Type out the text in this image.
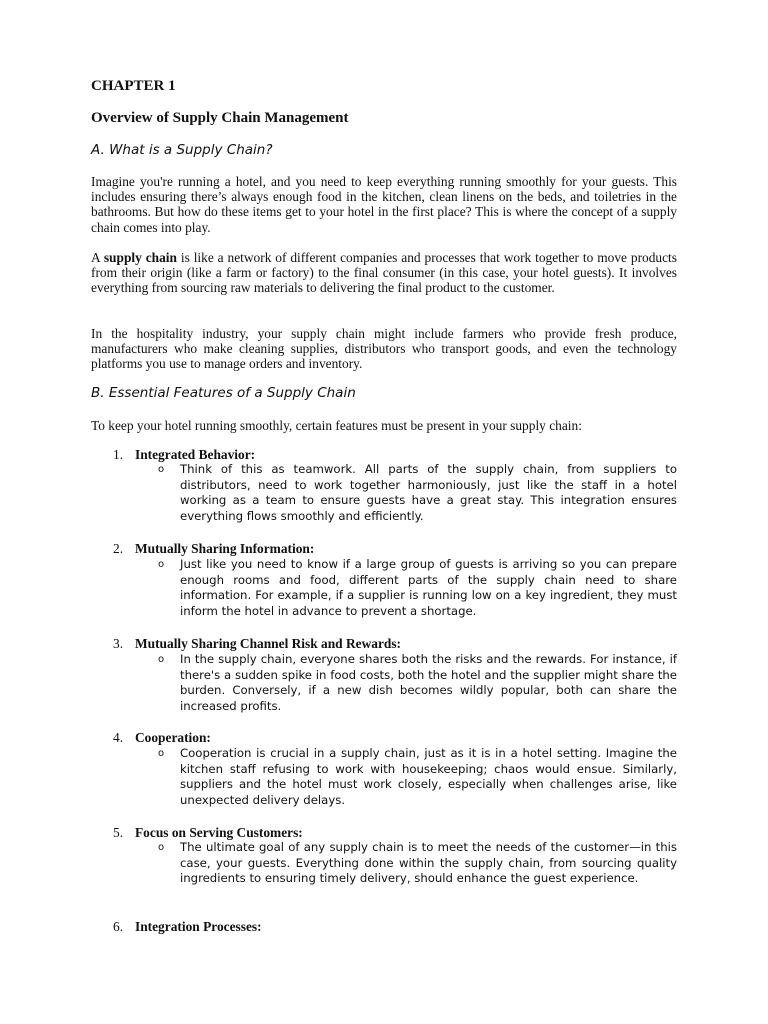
CHAPTER 1
Overview of Supply Chain Management
A. What is a Supply Chain?

Imagine you're running a hotel, and you need to keep everything running smoothly for your guests. This includes ensuring there’s always enough food in the kitchen, clean linens on the beds, and toiletries in the bathrooms. But how do these items get to your hotel in the first place? This is where the concept of a supply chain comes into play.

A supply chain is like a network of different companies and processes that work together to move products from their origin (like a farm or factory) to the final consumer (in this case, your hotel guests). It involves everything from sourcing raw materials to delivering the final product to the customer.

In the hospitality industry, your supply chain might include farmers who provide fresh produce, manufacturers who make cleaning supplies, distributors who transport goods, and even the technology platforms you use to manage orders and inventory.

B. Essential Features of a Supply Chain

To keep your hotel running smoothly, certain features must be present in your supply chain:

1. Integrated Behavior:
o Think of this as teamwork. All parts of the supply chain, from suppliers to distributors, need to work together harmoniously, just like the staff in a hotel working as a team to ensure guests have a great stay. This integration ensures everything flows smoothly and efficiently.

2. Mutually Sharing Information:
o Just like you need to know if a large group of guests is arriving so you can prepare enough rooms and food, different parts of the supply chain need to share information. For example, if a supplier is running low on a key ingredient, they must inform the hotel in advance to prevent a shortage.

3. Mutually Sharing Channel Risk and Rewards:
o In the supply chain, everyone shares both the risks and the rewards. For instance, if there's a sudden spike in food costs, both the hotel and the supplier might share the burden. Conversely, if a new dish becomes wildly popular, both can share the increased profits.

4. Cooperation:
o Cooperation is crucial in a supply chain, just as it is in a hotel setting. Imagine the kitchen staff refusing to work with housekeeping; chaos would ensue. Similarly, suppliers and the hotel must work closely, especially when challenges arise, like unexpected delivery delays.

5. Focus on Serving Customers:
o The ultimate goal of any supply chain is to meet the needs of the customer—in this case, your guests. Everything done within the supply chain, from sourcing quality ingredients to ensuring timely delivery, should enhance the guest experience.

6. Integration Processes:
